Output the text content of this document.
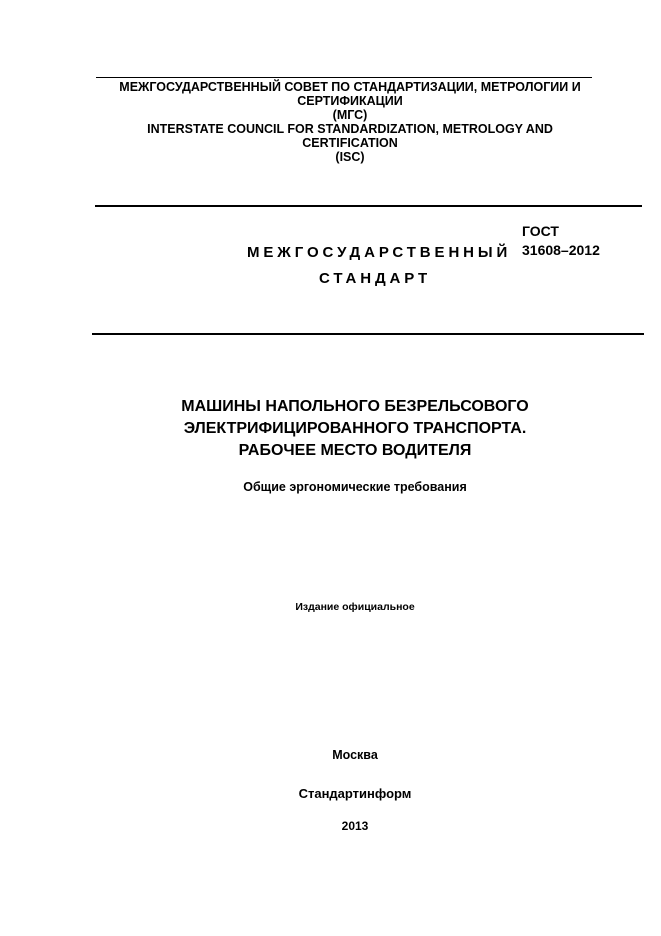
МЕЖГОСУДАРСТВЕННЫЙ СОВЕТ ПО СТАНДАРТИЗАЦИИ, МЕТРОЛОГИИ И
СЕРТИФИКАЦИИ
(МГС)
INTERSTATE COUNCIL FOR STANDARDIZATION, METROLOGY AND
CERTIFICATION
(ISC)
ГОСТ
31608–2012
МЕЖГОСУДАРСТВЕННЫЙ
СТАНДАРТ
МАШИНЫ НАПОЛЬНОГО БЕЗРЕЛЬСОВОГО
ЭЛЕКТРИФИЦИРОВАННОГО ТРАНСПОРТА.
РАБОЧЕЕ МЕСТО ВОДИТЕЛЯ
Общие эргономические требования
Издание официальное
Москва
Стандартинформ
2013
